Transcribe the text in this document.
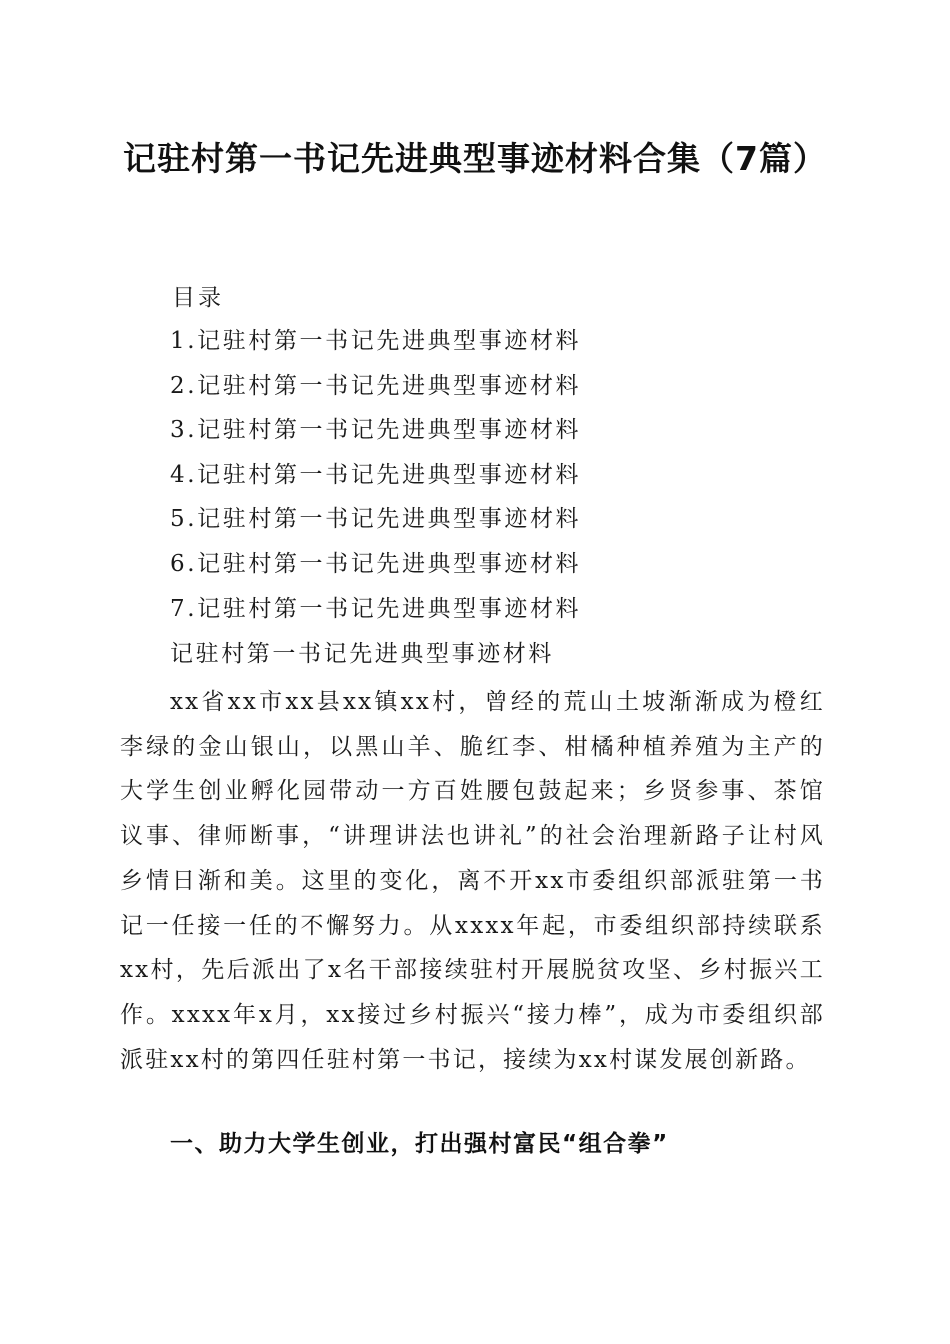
记驻村第一书记先进典型事迹材料合集（7篇）
目录
1.记驻村第一书记先进典型事迹材料
2.记驻村第一书记先进典型事迹材料
3.记驻村第一书记先进典型事迹材料
4.记驻村第一书记先进典型事迹材料
5.记驻村第一书记先进典型事迹材料
6.记驻村第一书记先进典型事迹材料
7.记驻村第一书记先进典型事迹材料
记驻村第一书记先进典型事迹材料

xx省xx市xx县xx镇xx村，曾经的荒山土坡渐渐成为橙红李绿的金山银山，以黑山羊、脆红李、柑橘种植养殖为主产的大学生创业孵化园带动一方百姓腰包鼓起来；乡贤参事、茶馆议事、律师断事，“讲理讲法也讲礼”的社会治理新路子让村风乡情日渐和美。这里的变化，离不开xx市委组织部派驻第一书记一任接一任的不懈努力。从xxxx年起，市委组织部持续联系xx村，先后派出了x名干部接续驻村开展脱贫攻坚、乡村振兴工作。xxxx年x月，xx接过乡村振兴“接力棒”，成为市委组织部派驻xx村的第四任驻村第一书记，接续为xx村谋发展创新路。

一、助力大学生创业，打出强村富民“组合拳”
